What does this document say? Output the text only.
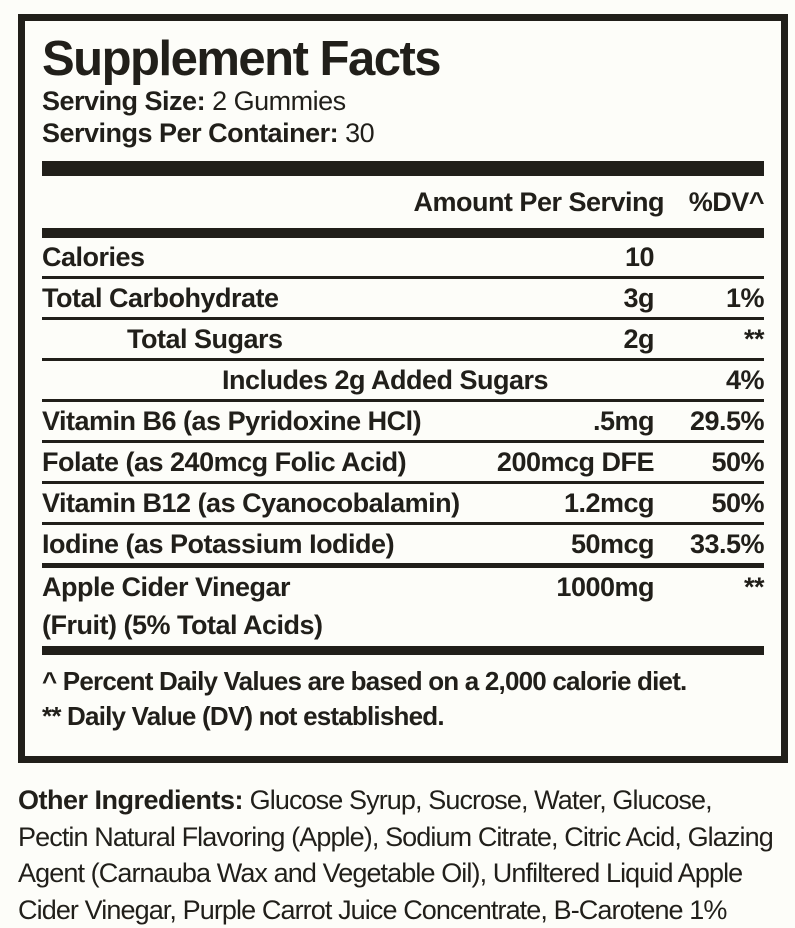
Supplement Facts
Serving Size: 2 Gummies
Servings Per Container: 30
Amount Per Serving %DV^
Calories	10
Total Carbohydrate	3g	1%
Total Sugars	2g	**
Includes 2g Added Sugars	4%
Vitamin B6 (as Pyridoxine HCl)	.5mg 29.5%
Folate (as 240mcg Folic Acid)	200mcg DFE 50%
Vitamin B12 (as Cyanocobalamin)	1.2mcg 50%
Iodine (as Potassium Iodide)	50mcg 33.5%
Apple Cider Vinegar
(Fruit) (5% Total Acids)
1000mg	**
^ Percent Daily Values are based on a 2,000 calorie diet.
** Daily Value (DV) not established.
Other Ingredients: Glucose Syrup, Sucrose, Water, Glucose, Pectin Natural Flavoring (Apple), Sodium Citrate, Citric Acid, Glazing Agent (Carnauba Wax and Vegetable Oil), Unfiltered Liquid Apple Cider Vinegar, Purple Carrot Juice Concentrate, B-Carotene 1%
